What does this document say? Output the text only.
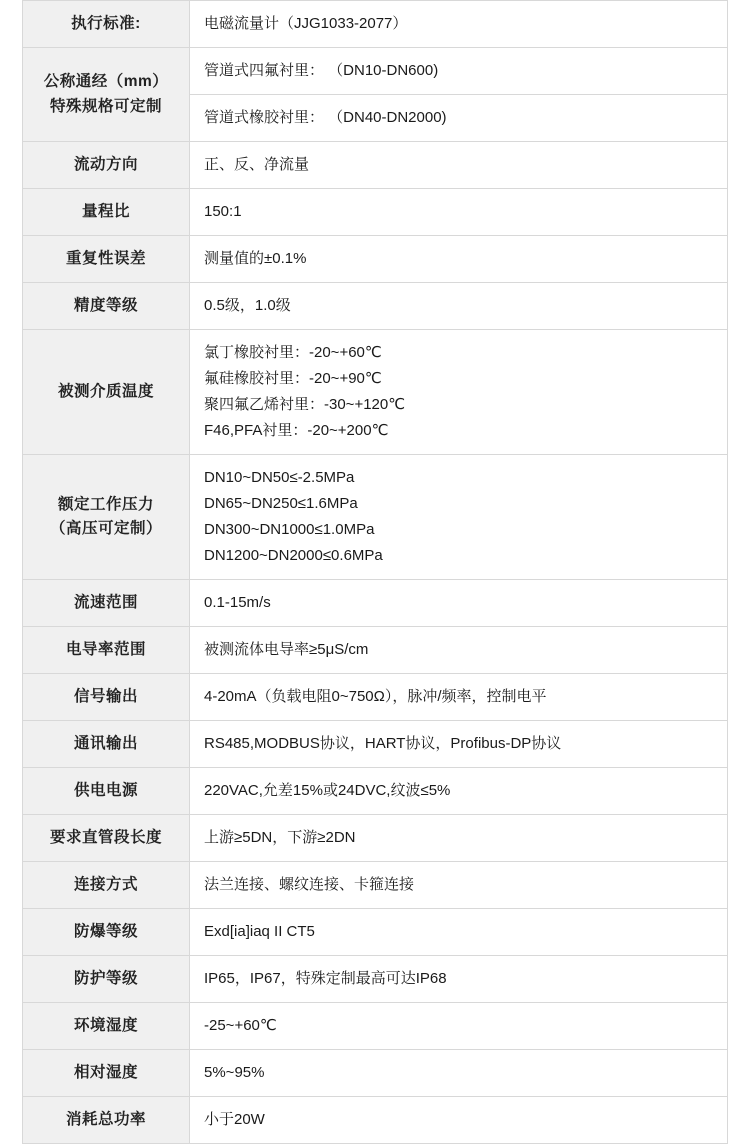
执行标准:	电磁流量计（JJG1033-2077）

公称通经（mm）
特殊规格可定制	管道式四氟衬里： （DN10-DN600)
管道式橡胶衬里： （DN40-DN2000)

流动方向	正、反、净流量

量程比	150:1

重复性误差	测量值的±0.1%

精度等级	0.5级，1.0级

被测介质温度	氯丁橡胶衬里：-20~+60℃
氟硅橡胶衬里：-20~+90℃
聚四氟乙烯衬里：-30~+120℃
F46,PFA衬里：-20~+200℃

额定工作压力
（高压可定制）	DN10~DN50≤-2.5MPa
DN65~DN250≤1.6MPa
DN300~DN1000≤1.0MPa
DN1200~DN2000≤0.6MPa

流速范围	0.1-15m/s

电导率范围	被测流体电导率≥5μS/cm

信号输出	4-20mA（负载电阻0~750Ω），脉冲/频率，控制电平

通讯输出	RS485,MODBUS协议，HART协议，Profibus-DP协议

供电电源	220VAC,允差15%或24DVC,纹波≤5%

要求直管段长度	上游≥5DN，下游≥2DN

连接方式	法兰连接、螺纹连接、卡箍连接

防爆等级	Exd[ia]iaq II CT5

防护等级	IP65，IP67，特殊定制最高可达IP68

环境湿度	-25~+60℃

相对湿度	5%~95%

消耗总功率	小于20W
